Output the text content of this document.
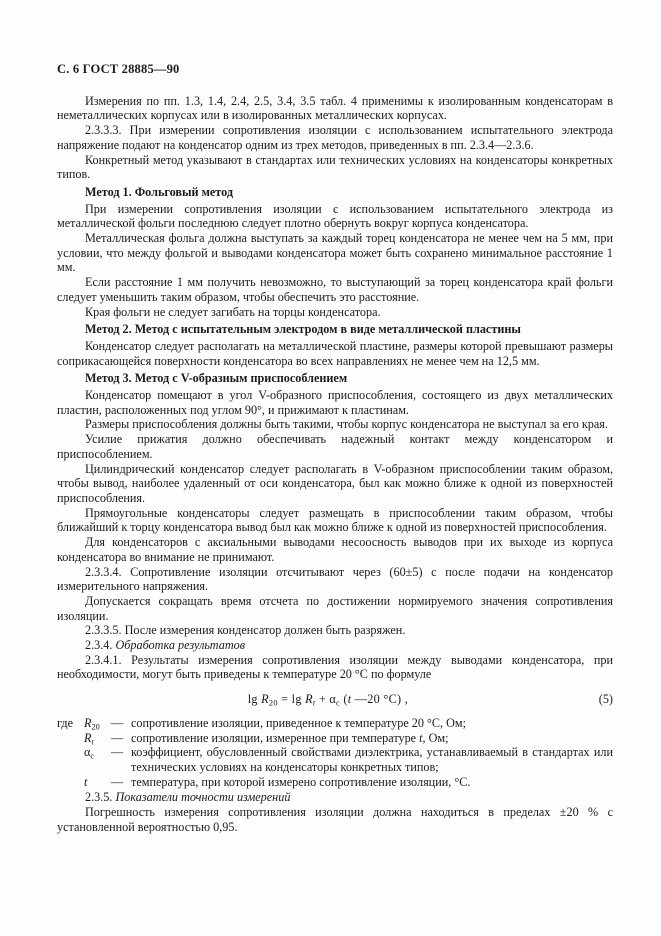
С. 6 ГОСТ 28885—90

Измерения по пп. 1.3, 1.4, 2.4, 2.5, 3.4, 3.5 табл. 4 применимы к изолированным конденсаторам в неметаллических корпусах или в изолированных металлических корпусах.

2.3.3.3. При измерении сопротивления изоляции с использованием испытательного электрода напряжение подают на конденсатор одним из трех методов, приведенных в пп. 2.3.4—2.3.6.

Конкретный метод указывают в стандартах или технических условиях на конденсаторы конкретных типов.

Метод 1. Фольговый метод

При измерении сопротивления изоляции с использованием испытательного электрода из металлической фольги последнюю следует плотно обернуть вокруг корпуса конденсатора.

Металлическая фольга должна выступать за каждый торец конденсатора не менее чем на 5 мм, при условии, что между фольгой и выводами конденсатора может быть сохранено минимальное расстояние 1 мм.

Если расстояние 1 мм получить невозможно, то выступающий за торец конденсатора край фольги следует уменьшить таким образом, чтобы обеспечить это расстояние.

Края фольги не следует загибать на торцы конденсатора.

Метод 2. Метод с испытательным электродом в виде металлической пластины

Конденсатор следует располагать на металлической пластине, размеры которой превышают размеры соприкасающейся поверхности конденсатора во всех направлениях не менее чем на 12,5 мм.

Метод 3. Метод с V-образным приспособлением

Конденсатор помещают в угол V-образного приспособления, состоящего из двух металлических пластин, расположенных под углом 90°, и прижимают к пластинам.

Размеры приспособления должны быть такими, чтобы корпус конденсатора не выступал за его края.

Усилие прижатия должно обеспечивать надежный контакт между конденсатором и приспособлением.

Цилиндрический конденсатор следует располагать в V-образном приспособлении таким образом, чтобы вывод, наиболее удаленный от оси конденсатора, был как можно ближе к одной из поверхностей приспособления.

Прямоугольные конденсаторы следует размещать в приспособлении таким образом, чтобы ближайший к торцу конденсатора вывод был как можно ближе к одной из поверхностей приспособления.

Для конденсаторов с аксиальными выводами несоосность выводов при их выходе из корпуса конденсатора во внимание не принимают.

2.3.3.4. Сопротивление изоляции отсчитывают через (60±5) с после подачи на конденсатор измерительного напряжения.

Допускается сокращать время отсчета по достижении нормируемого значения сопротивления изоляции.

2.3.3.5. После измерения конденсатор должен быть разряжен.

2.3.4. Обработка результатов

2.3.4.1. Результаты измерения сопротивления изоляции между выводами конденсатора, при необходимости, могут быть приведены к температуре 20 °С по формуле

$\lg R_{20} = \lg R_t + \alpha_c$ (t —20 °С) ,	(5)
где $R_{20}$ — сопротивление изоляции, приведенное к температуре 20 °С, Ом;
$R_t$	— сопротивление изоляции, измеренное при температуре t, Ом;
$\alpha_c$	— коэффициент, обусловленный свойствами диэлектрика, устанавливаемый в стандартах или технических условиях на конденсаторы конкретных типов;
t	— температура, при которой измерено сопротивление изоляции, °С.

2.3.5. Показатели точности измерений

Погрешность измерения сопротивления изоляции должна находиться в пределах ±20 % с установленной вероятностью 0,95.
